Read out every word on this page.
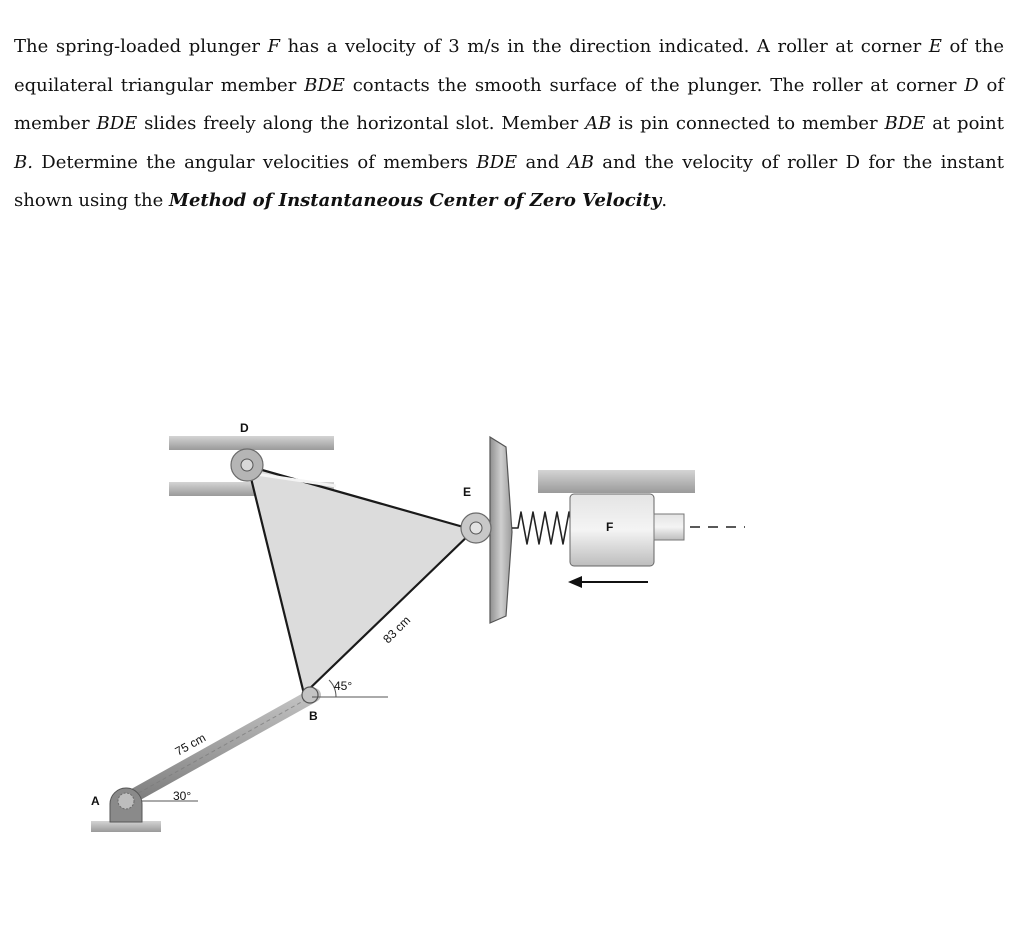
The spring-loaded plunger F has a velocity of 3 m/s in the direction indicated. A roller at corner E of the equilateral triangular member BDE contacts the smooth surface of the plunger. The roller at corner D of member BDE slides freely along the horizontal slot. Member AB is pin connected to member BDE at point B. Determine the angular velocities of members BDE and AB and the velocity of roller D for the instant shown using the Method of Instantaneous Center of Zero Velocity.

A
B
D
E
F
75 cm
83 cm
30°
45°
